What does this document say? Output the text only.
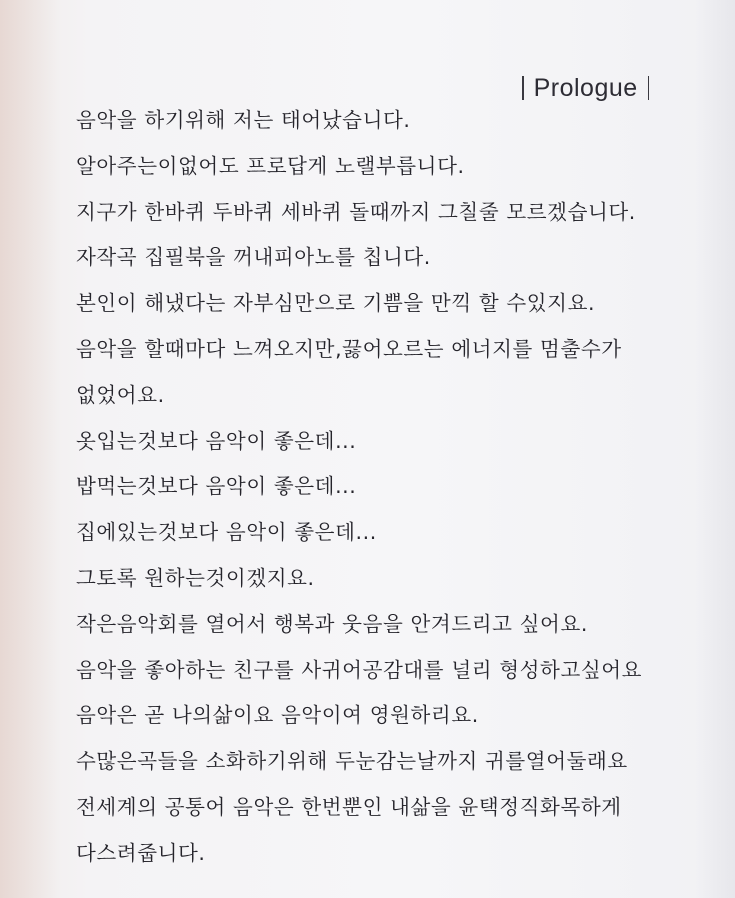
Prologue
음악을 하기위해 저는 태어났습니다.
알아주는이없어도 프로답게 노랠부릅니다.
지구가 한바퀴 두바퀴 세바퀴 돌때까지 그칠줄 모르겠습니다.
자작곡 집필북을 꺼내피아노를 칩니다.
본인이 해냈다는 자부심만으로 기쁨을 만끽 할 수있지요.
음악을 할때마다 느껴오지만,끓어오르는 에너지를 멈출수가
없었어요.
옷입는것보다 음악이 좋은데...
밥먹는것보다 음악이 좋은데...
집에있는것보다 음악이 좋은데...
그토록 원하는것이겠지요.
작은음악회를 열어서 행복과 웃음을 안겨드리고 싶어요.
음악을 좋아하는 친구를 사귀어공감대를 널리 형성하고싶어요
음악은 곧 나의삶이요 음악이여 영원하리요.
수많은곡들을 소화하기위해 두눈감는날까지 귀를열어둘래요
전세계의 공통어 음악은 한번뿐인 내삶을 윤택정직화목하게
다스려줍니다.
